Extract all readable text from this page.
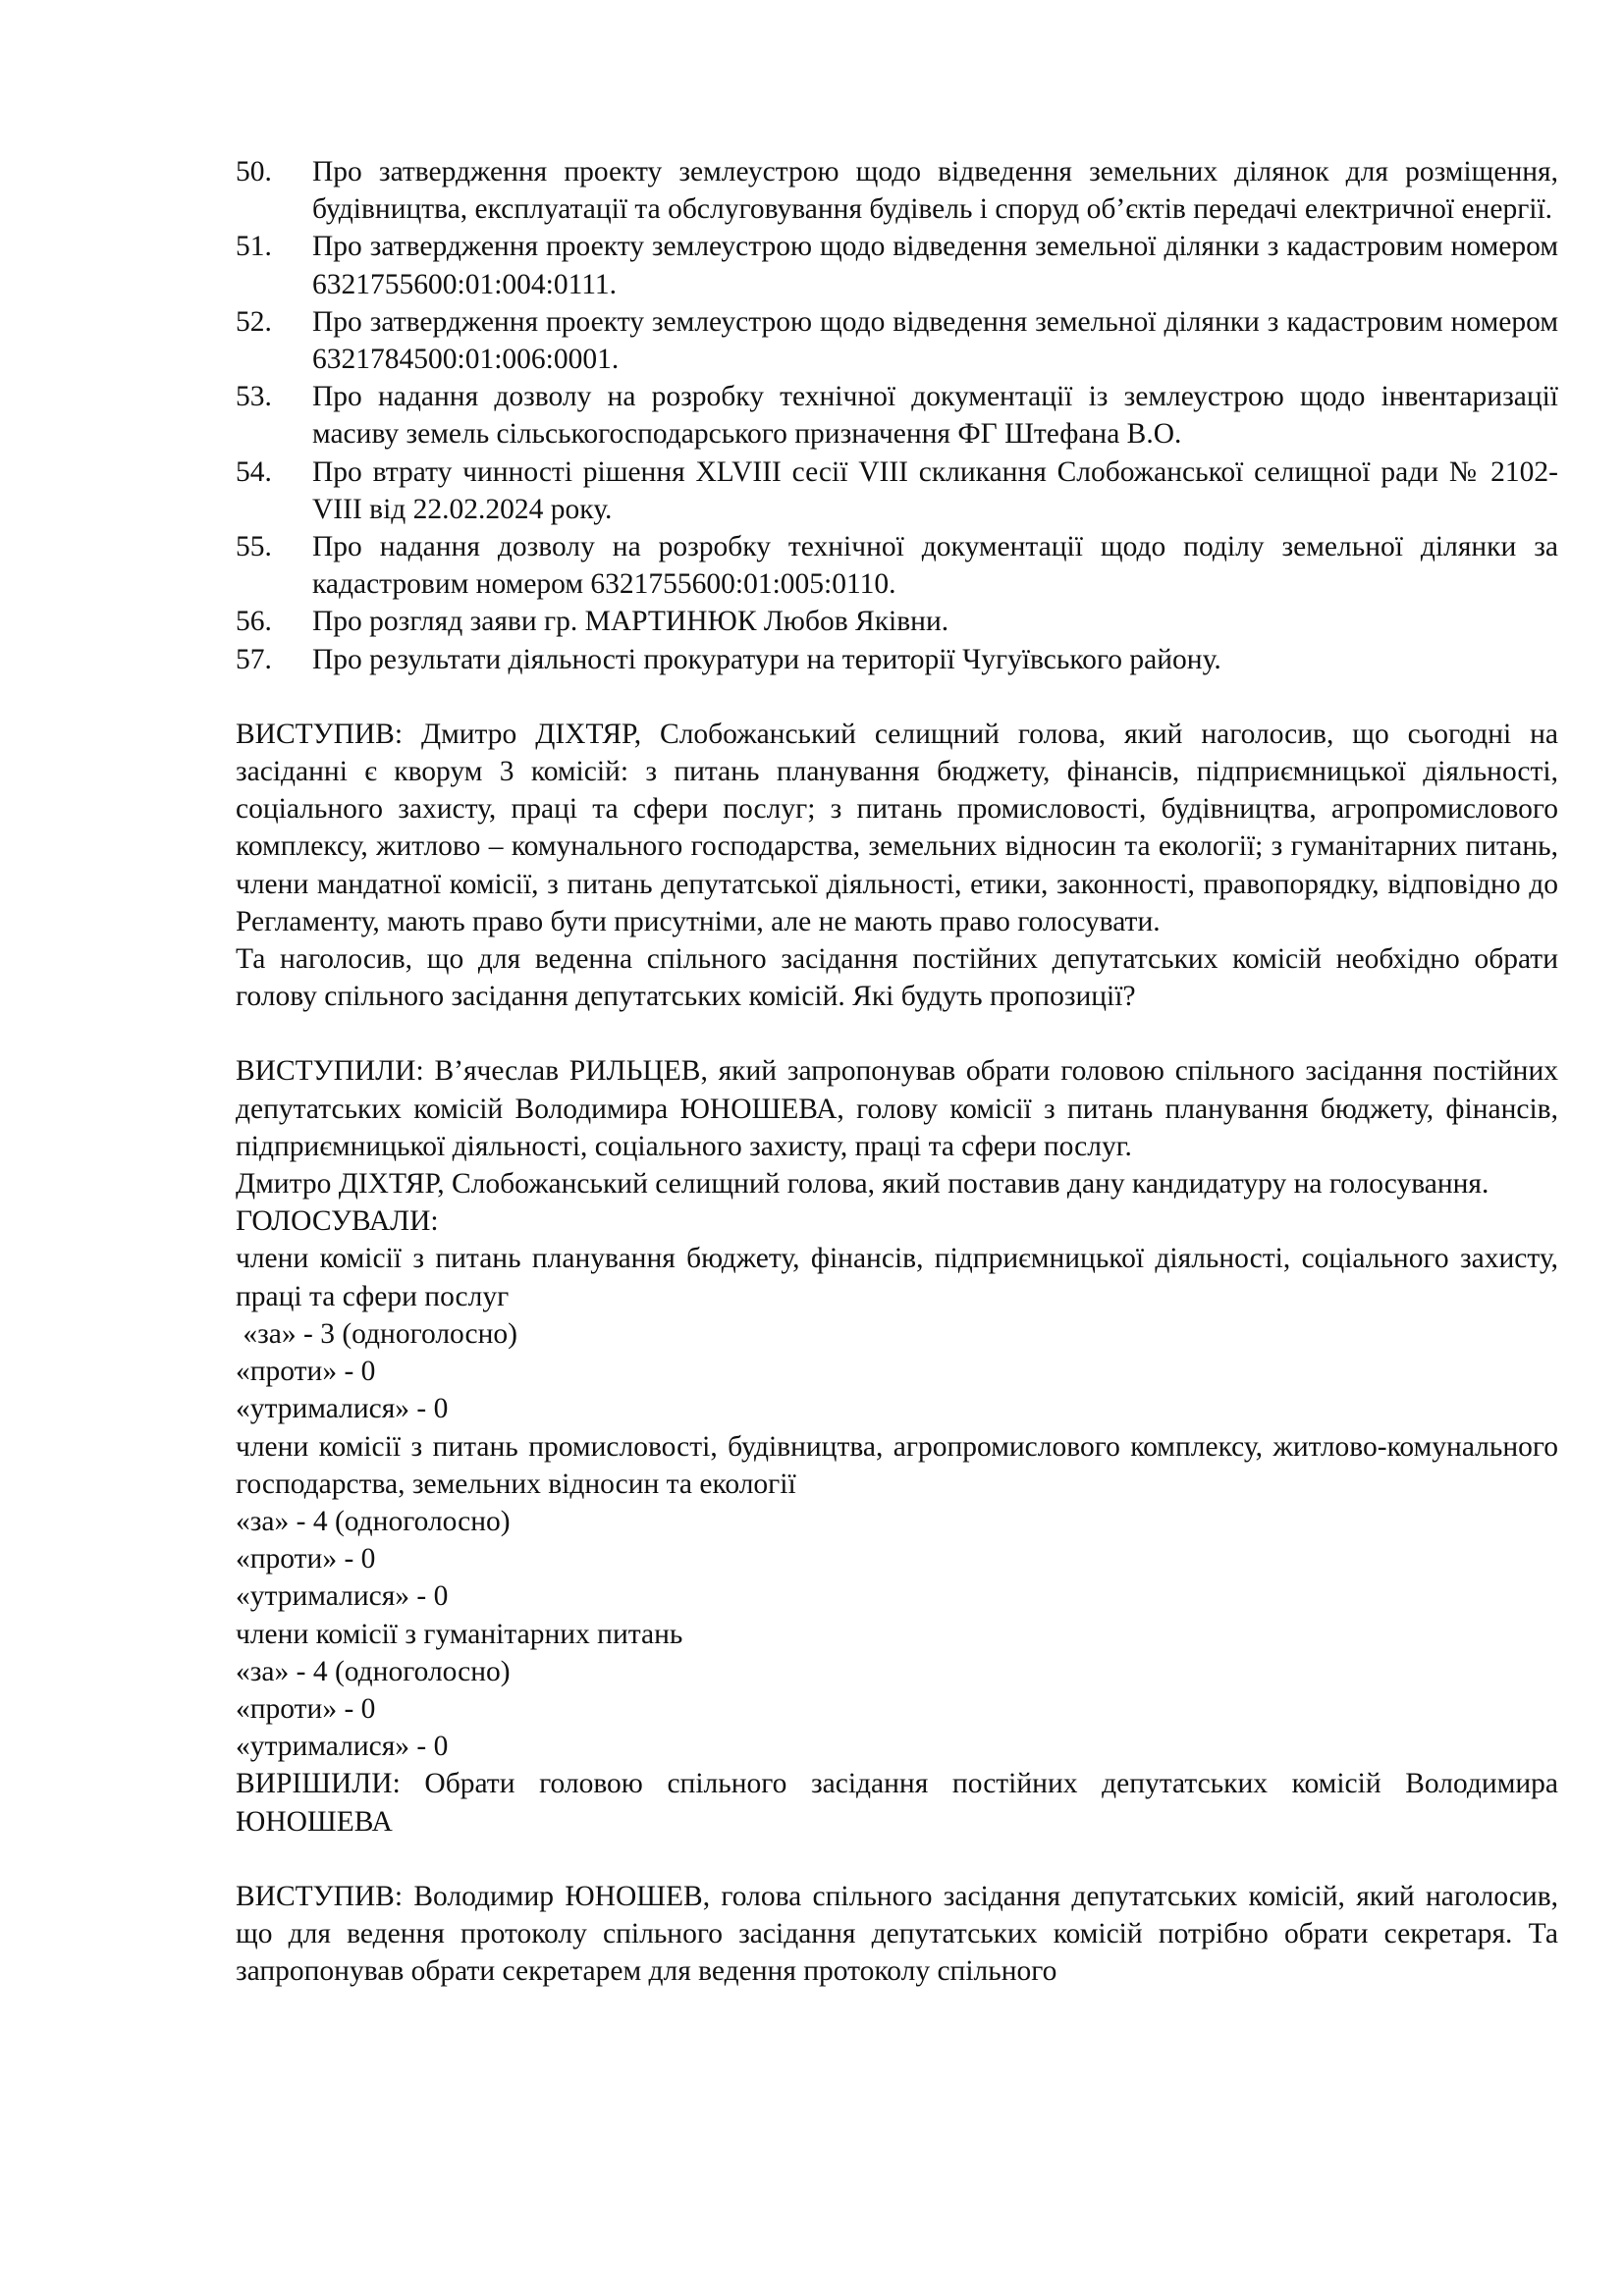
50.	Про затвердження проекту землеустрою щодо відведення земельних ділянок для розміщення, будівництва, експлуатації та обслуговування будівель і споруд об’єктів передачі електричної енергії.
51.	Про затвердження проекту землеустрою щодо відведення земельної ділянки з кадастровим номером 6321755600:01:004:0111.
52.	Про затвердження проекту землеустрою щодо відведення земельної ділянки з кадастровим номером 6321784500:01:006:0001.
53.	Про надання дозволу на розробку технічної документації із землеустрою щодо інвентаризації масиву земель сільськогосподарського призначення ФГ Штефана В.О.
54.	Про втрату чинності рішення XLVIII сесії VIII скликання Слобожанської селищної ради № 2102-VIII від 22.02.2024 року.
55.	Про надання дозволу на розробку технічної документації щодо поділу земельної ділянки за кадастровим номером 6321755600:01:005:0110.
56.	Про розгляд заяви гр. МАРТИНЮК Любов Яківни.
57.	Про результати діяльності прокуратури на території Чугуївського району.

ВИСТУПИВ: Дмитро ДІХТЯР, Слобожанський селищний голова, який наголосив, що сьогодні на засіданні є кворум 3 комісій: з питань планування бюджету, фінансів, підприємницької діяльності, соціального захисту, праці та сфери послуг; з питань промисловості, будівництва, агропромислового комплексу, житлово – комунального господарства, земельних відносин та екології; з гуманітарних питань, члени мандатної комісії, з питань депутатської діяльності, етики, законності, правопорядку, відповідно до Регламенту, мають право бути присутніми, але не мають право голосувати.

Та наголосив, що для веденна спільного засідання постійних депутатських комісій необхідно обрати голову спільного засідання депутатських комісій. Які будуть пропозиції?

ВИСТУПИЛИ: В’ячеслав РИЛЬЦЕВ, який запропонував обрати головою спільного засідання постійних депутатських комісій Володимира ЮНОШЕВА, голову комісії з питань планування бюджету, фінансів, підприємницької діяльності, соціального захисту, праці та сфери послуг.

Дмитро ДІХТЯР, Слобожанський селищний голова, який поставив дану кандидатуру на голосування.

ГОЛОСУВАЛИ:

члени комісії з питань планування бюджету, фінансів, підприємницької діяльності, соціального захисту, праці та сфери послуг

«за» - 3 (одноголосно)

«проти» - 0

«утрималися» - 0

члени комісії з питань промисловості, будівництва, агропромислового комплексу, житлово-комунального господарства, земельних відносин та екології

«за» - 4 (одноголосно)

«проти» - 0

«утрималися» - 0

члени комісії з гуманітарних питань

«за» - 4 (одноголосно)

«проти» - 0

«утрималися» - 0

ВИРІШИЛИ: Обрати головою спільного засідання постійних депутатських комісій Володимира ЮНОШЕВА

ВИСТУПИВ: Володимир ЮНОШЕВ, голова спільного засідання депутатських комісій, який наголосив, що для ведення протоколу спільного засідання депутатських комісій потрібно обрати секретаря. Та запропонував обрати секретарем для ведення протоколу спільного
